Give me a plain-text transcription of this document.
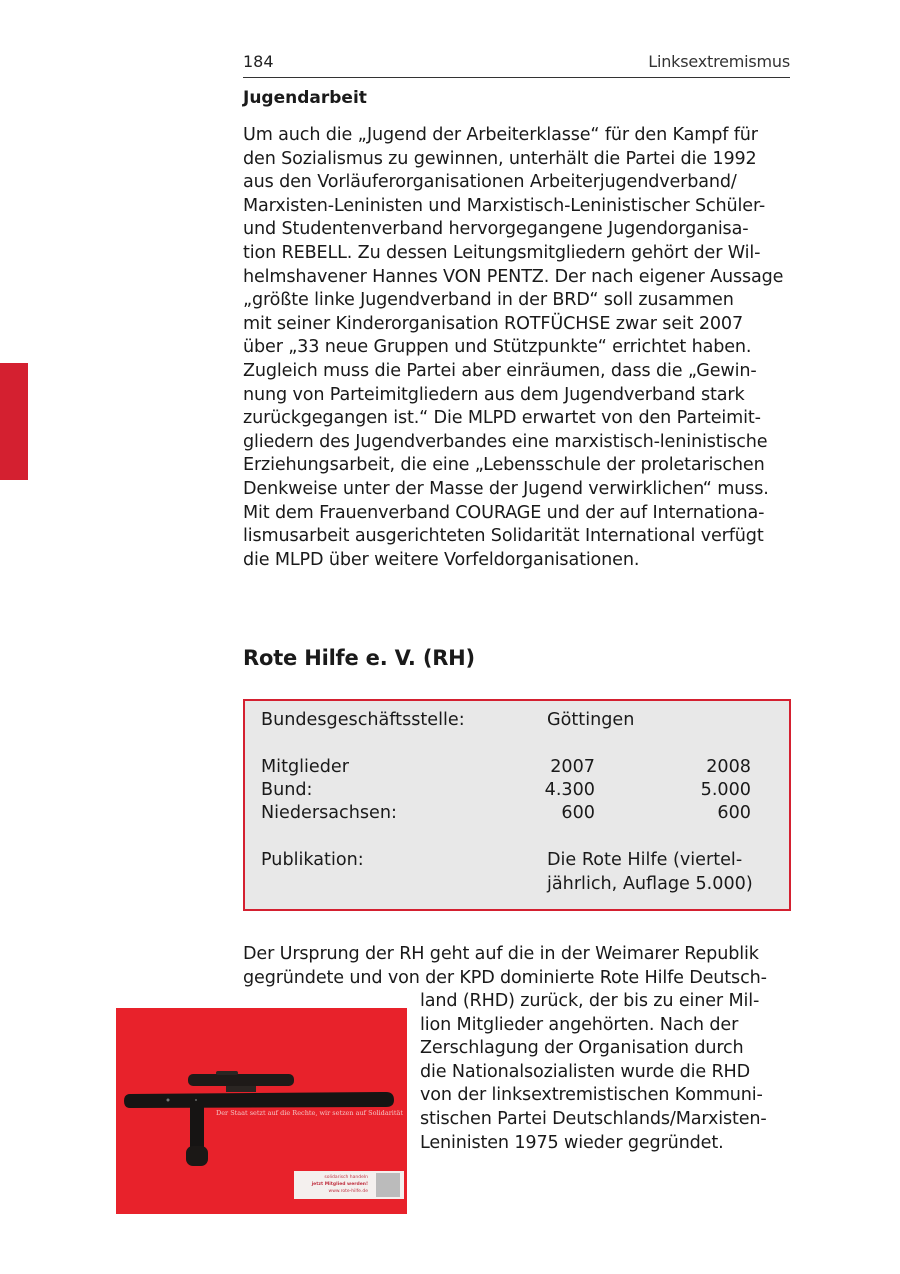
184	Linksextremismus
Jugendarbeit
Um auch die „Jugend der Arbeiterklasse“ für den Kampf für
den Sozialismus zu gewinnen, unterhält die Partei die 1992
aus den Vorläuferorganisationen Arbeiterjugendverband/
Marxisten-Leninisten und Marxistisch-Leninistischer Schüler-
und Studentenverband hervorgegangene Jugendorganisa-
tion REBELL. Zu dessen Leitungsmitgliedern gehört der Wil-
helmshavener Hannes VON PENTZ. Der nach eigener Aussage
„größte linke Jugendverband in der BRD“ soll zusammen
mit seiner Kinderorganisation ROTFÜCHSE zwar seit 2007
über „33 neue Gruppen und Stützpunkte“ errichtet haben.
Zugleich muss die Partei aber einräumen, dass die „Gewin-
nung von Parteimitgliedern aus dem Jugendverband stark
zurückgegangen ist.“ Die MLPD erwartet von den Parteimit-
gliedern des Jugendverbandes eine marxistisch-leninistische
Erziehungsarbeit, die eine „Lebensschule der proletarischen
Denkweise unter der Masse der Jugend verwirklichen“ muss.
Mit dem Frauenverband COURAGE und der auf Internationa-
lismusarbeit ausgerichteten Solidarität International verfügt
die MLPD über weitere Vorfeldorganisationen.
Rote Hilfe e. V. (RH)
Bundesgeschäftsstelle:	Göttingen
Mitglieder	2007	2008
Bund:	4.300	5.000
Niedersachsen:	600	600
Publikation:	Die Rote Hilfe (viertel-
jährlich, Auflage 5.000)
Der Ursprung der RH geht auf die in der Weimarer Republik
gegründete und von der KPD dominierte Rote Hilfe Deutsch-
land (RHD) zurück, der bis zu einer Mil-
lion Mitglieder angehörten. Nach der
Zerschlagung der Organisation durch
die Nationalsozialisten wurde die RHD
von der linksextremistischen Kommuni-
stischen Partei Deutschlands/Marxisten-
Leninisten 1975 wieder gegründet.
Der Staat setzt auf die Rechte, wir setzen auf Solidarität
solidarisch handeln
jetzt Mitglied werden!
www.rote-hilfe.de
